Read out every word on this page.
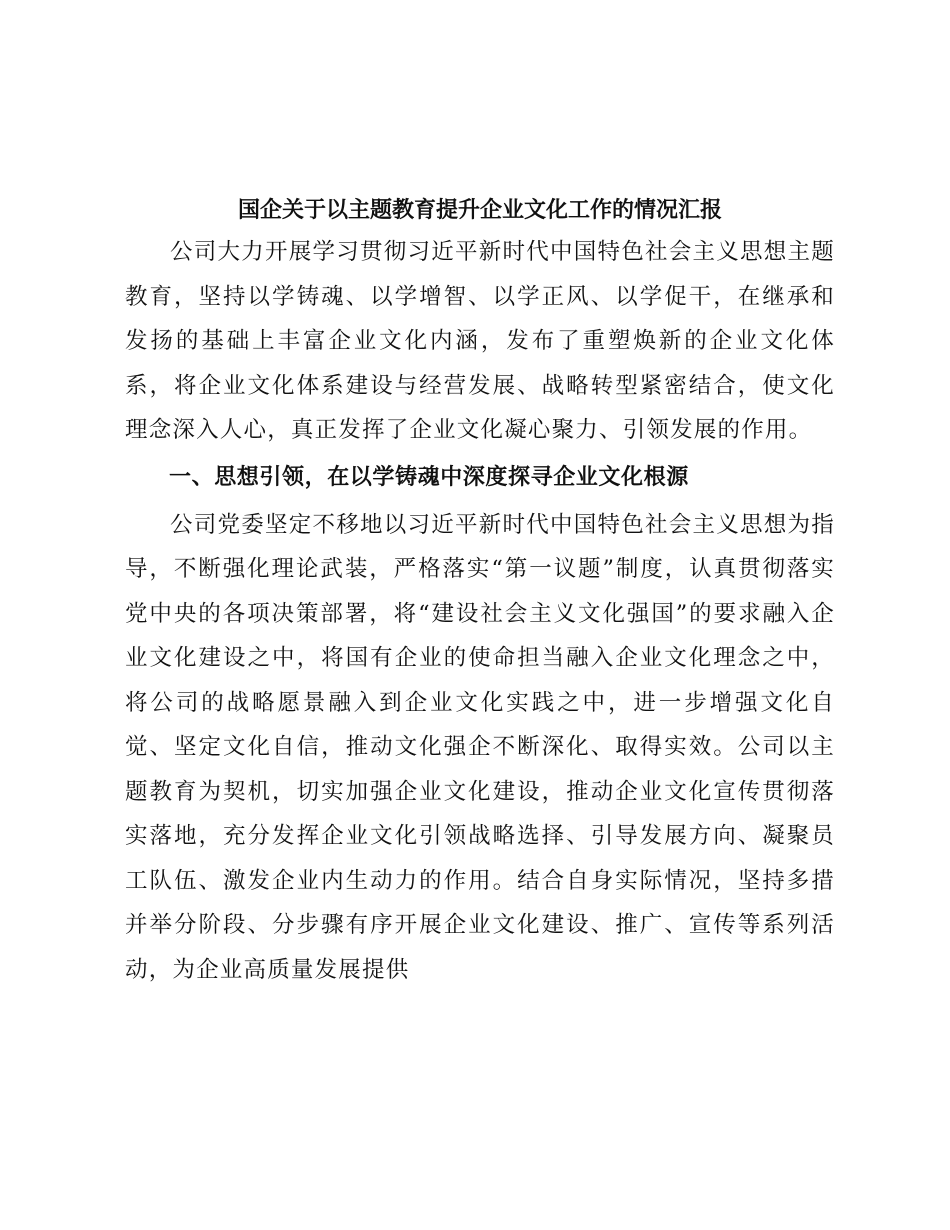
国企关于以主题教育提升企业文化工作的情况汇报

公司大力开展学习贯彻习近平新时代中国特色社会主义思想主题教育，坚持以学铸魂、以学增智、以学正风、以学促干，在继承和发扬的基础上丰富企业文化内涵，发布了重塑焕新的企业文化体系，将企业文化体系建设与经营发展、战略转型紧密结合，使文化理念深入人心，真正发挥了企业文化凝心聚力、引领发展的作用。

一、思想引领，在以学铸魂中深度探寻企业文化根源

公司党委坚定不移地以习近平新时代中国特色社会主义思想为指导，不断强化理论武装，严格落实“第一议题”制度，认真贯彻落实党中央的各项决策部署，将“建设社会主义文化强国”的要求融入企业文化建设之中，将国有企业的使命担当融入企业文化理念之中，将公司的战略愿景融入到企业文化实践之中，进一步增强文化自觉、坚定文化自信，推动文化强企不断深化、取得实效。公司以主题教育为契机，切实加强企业文化建设，推动企业文化宣传贯彻落实落地，充分发挥企业文化引领战略选择、引导发展方向、凝聚员工队伍、激发企业内生动力的作用。结合自身实际情况，坚持多措并举分阶段、分步骤有序开展企业文化建设、推广、宣传等系列活动，为企业高质量发展提供
